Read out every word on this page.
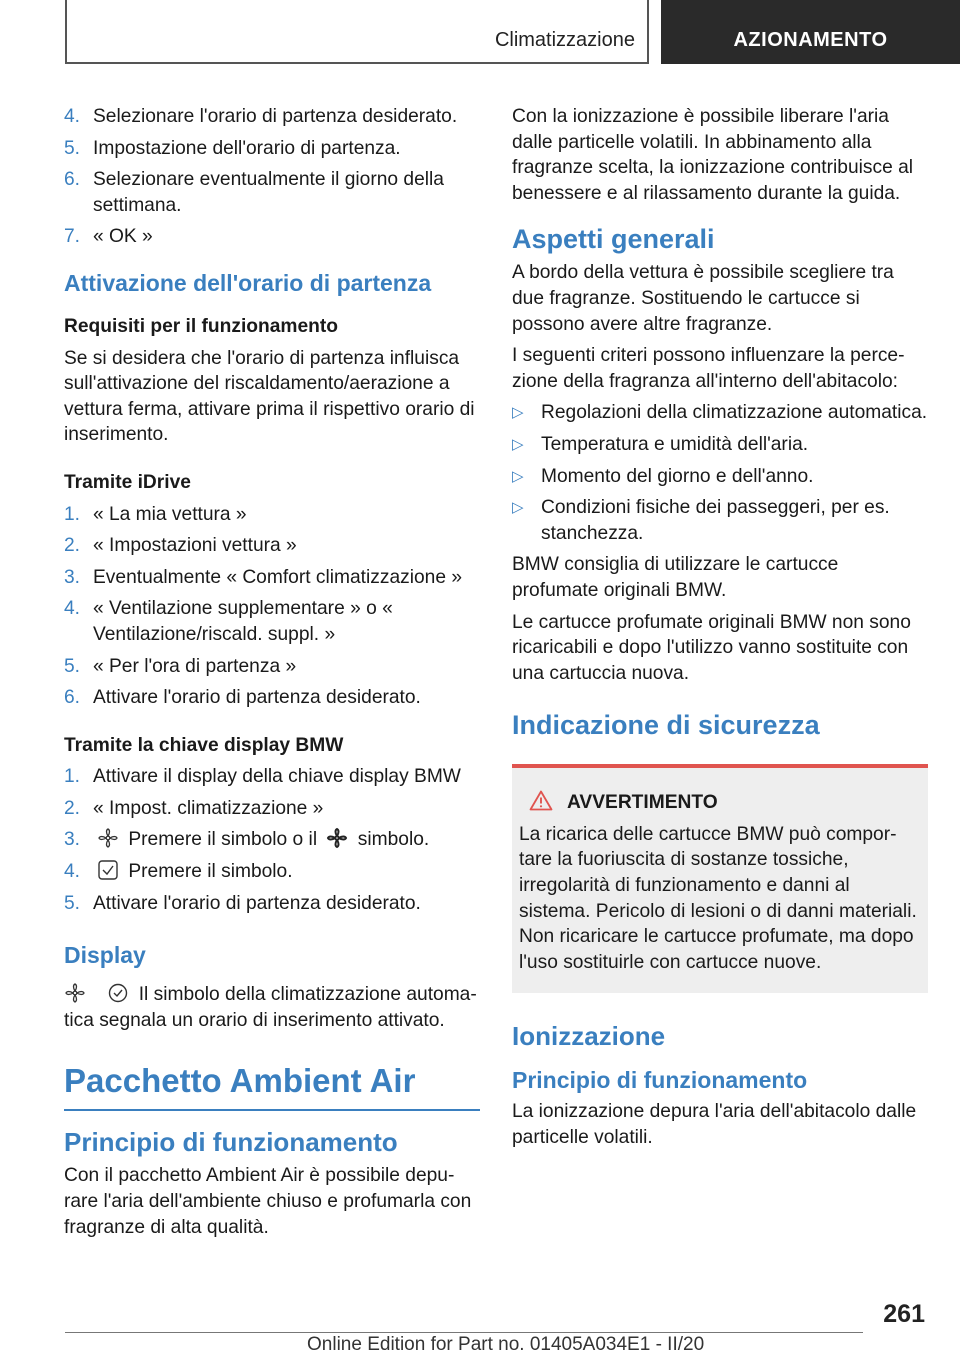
Climatizzazione	AZIONAMENTO
4. Selezionare l'orario di partenza desiderato.
5. Impostazione dell'orario di partenza.
6. Selezionare eventualmente il giorno della settimana.
7. « OK »
Attivazione dell'orario di partenza
Requisiti per il funzionamento

Se si desidera che l'orario di partenza influisca sull'attivazione del riscaldamento/aerazione a vettura ferma, attivare prima il rispettivo orario di inserimento.

Tramite iDrive
1. « La mia vettura »
2. « Impostazioni vettura »
3. Eventualmente « Comfort climatizzazione »
4. « Ventilazione supplementare » o « Ventilazione/riscald. suppl. »
5. « Per l'ora di partenza »
6. Attivare l'orario di partenza desiderato.
Tramite la chiave display BMW
1. Attivare il display della chiave display BMW
2. « Impost. climatizzazione »
3.	Premere il simbolo o il simbolo.
4.	Premere il simbolo.
5. Attivare l'orario di partenza desiderato.
Display

Il simbolo della climatizzazione automatica segnala un orario di inserimento attivato.

Pacchetto Ambient Air
Principio di funzionamento

Con il pacchetto Ambient Air è possibile depurare l'aria dell'ambiente chiuso e profumarla con fragranze di alta qualità.

Con la ionizzazione è possibile liberare l'aria dalle particelle volatili. In abbinamento alla fragranze scelta, la ionizzazione contribuisce al benessere e al rilassamento durante la guida.

Aspetti generali

A bordo della vettura è possibile scegliere tra due fragranze. Sostituendo le cartucce si possono avere altre fragranze.

I seguenti criteri possono influenzare la percezione della fragranza all'interno dell'abitacolo:

▷ Regolazioni della climatizzazione automatica.
▷ Temperatura e umidità dell'aria.
▷ Momento del giorno e dell'anno.
▷ Condizioni fisiche dei passeggeri, per es. stanchezza.

BMW consiglia di utilizzare le cartucce profumate originali BMW.

Le cartucce profumate originali BMW non sono ricaricabili e dopo l'utilizzo vanno sostituite con una cartuccia nuova.

Indicazione di sicurezza
AVVERTIMENTO

La ricarica delle cartucce BMW può comportare la fuoriuscita di sostanze tossiche, irregolarità di funzionamento e danni al sistema. Pericolo di lesioni o di danni materiali. Non ricaricare le cartucce profumate, ma dopo l'uso sostituirle con cartucce nuove.

Ionizzazione
Principio di funzionamento

La ionizzazione depura l'aria dell'abitacolo dalle particelle volatili.

261
Online Edition for Part no. 01405A034E1 - II/20
